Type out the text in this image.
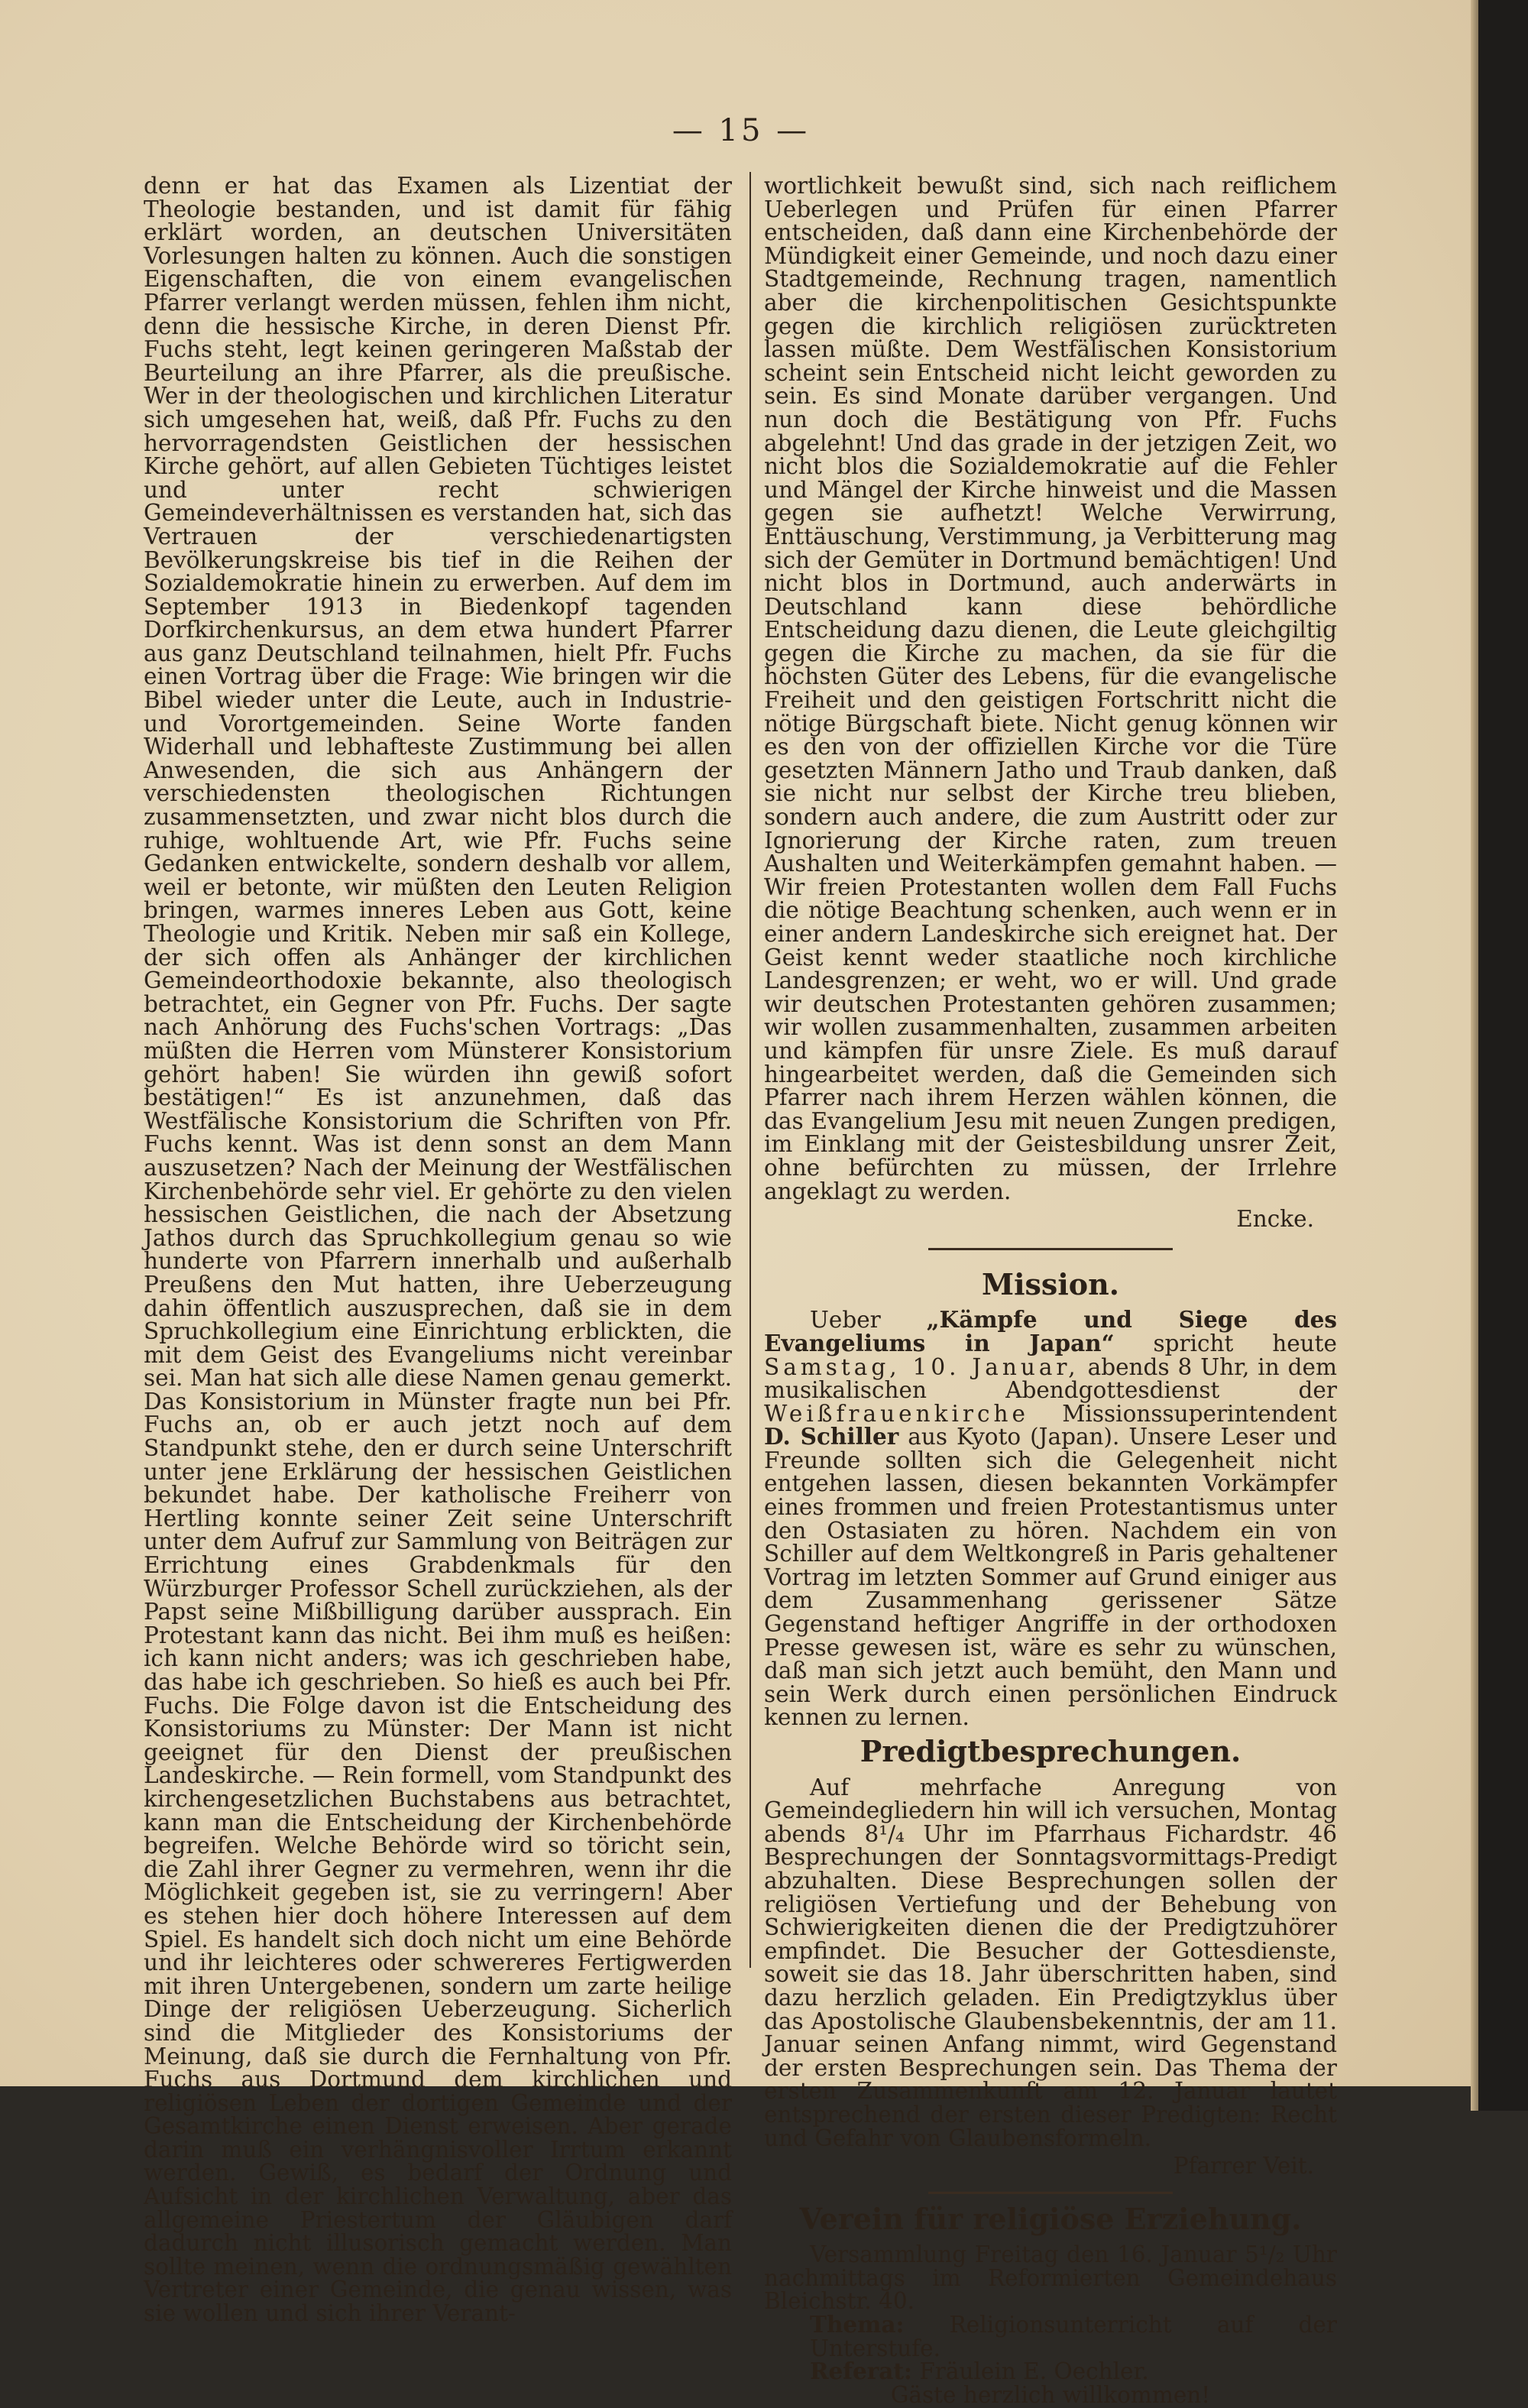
— 15 —

denn er hat das Examen als Lizentiat der Theologie bestanden, und ist damit für fähig erklärt worden, an deutschen Universitäten Vorlesungen halten zu können. Auch die sonstigen Eigenschaften, die von einem evangelischen Pfarrer verlangt werden müssen, fehlen ihm nicht, denn die hessische Kirche, in deren Dienst Pfr. Fuchs steht, legt keinen geringeren Maßstab der Beurteilung an ihre Pfarrer, als die preußische. Wer in der theologischen und kirchlichen Literatur sich umgesehen hat, weiß, daß Pfr. Fuchs zu den hervorragendsten Geistlichen der hessischen Kirche gehört, auf allen Gebieten Tüchtiges leistet und unter recht schwierigen Gemeindeverhältnissen es verstanden hat, sich das Vertrauen der verschiedenartigsten Bevölkerungskreise bis tief in die Reihen der Sozialdemokratie hinein zu erwerben. Auf dem im September 1913 in Biedenkopf tagenden Dorfkirchenkursus, an dem etwa hundert Pfarrer aus ganz Deutschland teilnahmen, hielt Pfr. Fuchs einen Vortrag über die Frage: Wie bringen wir die Bibel wieder unter die Leute, auch in Industrie- und Vorortgemeinden. Seine Worte fanden Widerhall und lebhafteste Zustimmung bei allen Anwesenden, die sich aus Anhängern der verschiedensten theologischen Richtungen zusammensetzten, und zwar nicht blos durch die ruhige, wohltuende Art, wie Pfr. Fuchs seine Gedanken entwickelte, sondern deshalb vor allem, weil er betonte, wir müßten den Leuten Religion bringen, warmes inneres Leben aus Gott, keine Theologie und Kritik. Neben mir saß ein Kollege, der sich offen als Anhänger der kirchlichen Gemeindeorthodoxie bekannte, also theologisch betrachtet, ein Gegner von Pfr. Fuchs. Der sagte nach Anhörung des Fuchs'schen Vortrags: „Das müßten die Herren vom Münsterer Konsistorium gehört haben! Sie würden ihn gewiß sofort bestätigen!“ Es ist anzunehmen, daß das Westfälische Konsistorium die Schriften von Pfr. Fuchs kennt. Was ist denn sonst an dem Mann auszusetzen? Nach der Meinung der Westfälischen Kirchenbehörde sehr viel. Er gehörte zu den vielen hessischen Geistlichen, die nach der Absetzung Jathos durch das Spruchkollegium genau so wie hunderte von Pfarrern innerhalb und außerhalb Preußens den Mut hatten, ihre Ueberzeugung dahin öffentlich auszusprechen, daß sie in dem Spruchkollegium eine Einrichtung erblickten, die mit dem Geist des Evangeliums nicht vereinbar sei. Man hat sich alle diese Namen genau gemerkt. Das Konsistorium in Münster fragte nun bei Pfr. Fuchs an, ob er auch jetzt noch auf dem Standpunkt stehe, den er durch seine Unterschrift unter jene Erklärung der hessischen Geistlichen bekundet habe. Der katholische Freiherr von Hertling konnte seiner Zeit seine Unterschrift unter dem Aufruf zur Sammlung von Beiträgen zur Errichtung eines Grabdenkmals für den Würzburger Professor Schell zurückziehen, als der Papst seine Mißbilligung darüber aussprach. Ein Protestant kann das nicht. Bei ihm muß es heißen: ich kann nicht anders; was ich geschrieben habe, das habe ich geschrieben. So hieß es auch bei Pfr. Fuchs. Die Folge davon ist die Entscheidung des Konsistoriums zu Münster: Der Mann ist nicht geeignet für den Dienst der preußischen Landeskirche. — Rein formell, vom Standpunkt des kirchengesetzlichen Buchstabens aus betrachtet, kann man die Entscheidung der Kirchenbehörde begreifen. Welche Behörde wird so töricht sein, die Zahl ihrer Gegner zu vermehren, wenn ihr die Möglichkeit gegeben ist, sie zu verringern! Aber es stehen hier doch höhere Interessen auf dem Spiel. Es handelt sich doch nicht um eine Behörde und ihr leichteres oder schwereres Fertigwerden mit ihren Untergebenen, sondern um zarte heilige Dinge der religiösen Ueberzeugung. Sicherlich sind die Mitglieder des Konsistoriums der Meinung, daß sie durch die Fernhaltung von Pfr. Fuchs aus Dortmund dem kirchlichen und religiösen Leben der dortigen Gemeinde und der Gesamtkirche einen Dienst erweisen. Aber gerade darin muß ein verhängnisvoller Irrtum erkannt werden. Gewiß, es bedarf der Ordnung und Aufsicht in der kirchlichen Verwaltung, aber das allgemeine Priestertum der Gläubigen darf dadurch nicht illusorisch gemacht werden. Man sollte meinen, wenn die ordnungsmäßig gewählten Vertreter einer Gemeinde, die genau wissen, was sie wollen und sich ihrer Verant-

wortlichkeit bewußt sind, sich nach reiflichem Ueberlegen und Prüfen für einen Pfarrer entscheiden, daß dann eine Kirchenbehörde der Mündigkeit einer Gemeinde, und noch dazu einer Stadtgemeinde, Rechnung tragen, namentlich aber die kirchenpolitischen Gesichtspunkte gegen die kirchlich religiösen zurücktreten lassen müßte. Dem Westfälischen Konsistorium scheint sein Entscheid nicht leicht geworden zu sein. Es sind Monate darüber vergangen. Und nun doch die Bestätigung von Pfr. Fuchs abgelehnt! Und das grade in der jetzigen Zeit, wo nicht blos die Sozialdemokratie auf die Fehler und Mängel der Kirche hinweist und die Massen gegen sie aufhetzt! Welche Verwirrung, Enttäuschung, Verstimmung, ja Verbitterung mag sich der Gemüter in Dortmund bemächtigen! Und nicht blos in Dortmund, auch anderwärts in Deutschland kann diese behördliche Entscheidung dazu dienen, die Leute gleichgiltig gegen die Kirche zu machen, da sie für die höchsten Güter des Lebens, für die evangelische Freiheit und den geistigen Fortschritt nicht die nötige Bürgschaft biete. Nicht genug können wir es den von der offiziellen Kirche vor die Türe gesetzten Männern Jatho und Traub danken, daß sie nicht nur selbst der Kirche treu blieben, sondern auch andere, die zum Austritt oder zur Ignorierung der Kirche raten, zum treuen Aushalten und Weiterkämpfen gemahnt haben. — Wir freien Protestanten wollen dem Fall Fuchs die nötige Beachtung schenken, auch wenn er in einer andern Landeskirche sich ereignet hat. Der Geist kennt weder staatliche noch kirchliche Landesgrenzen; er weht, wo er will. Und grade wir deutschen Protestanten gehören zusammen; wir wollen zusammenhalten, zusammen arbeiten und kämpfen für unsre Ziele. Es muß darauf hingearbeitet werden, daß die Gemeinden sich Pfarrer nach ihrem Herzen wählen können, die das Evangelium Jesu mit neuen Zungen predigen, im Einklang mit der Geistesbildung unsrer Zeit, ohne befürchten zu müssen, der Irrlehre angeklagt zu werden.

Encke.

Mission.

Ueber „Kämpfe und Siege des Evangeliums in Japan“ spricht heute Samstag, 10. Januar, abends 8 Uhr, in dem musikalischen Abendgottesdienst der Weißfrauenkirche Missionssuperintendent D. Schiller aus Kyoto (Japan). Unsere Leser und Freunde sollten sich die Gelegenheit nicht entgehen lassen, diesen bekannten Vorkämpfer eines frommen und freien Protestantismus unter den Ostasiaten zu hören. Nachdem ein von Schiller auf dem Weltkongreß in Paris gehaltener Vortrag im letzten Sommer auf Grund einiger aus dem Zusammenhang gerissener Sätze Gegenstand heftiger Angriffe in der orthodoxen Presse gewesen ist, wäre es sehr zu wünschen, daß man sich jetzt auch bemüht, den Mann und sein Werk durch einen persönlichen Eindruck kennen zu lernen.

Predigtbesprechungen.

Auf mehrfache Anregung von Gemeindegliedern hin will ich versuchen, Montag abends 8¹/₄ Uhr im Pfarrhaus Fichardstr. 46 Besprechungen der Sonntagsvormittags-Predigt abzuhalten. Diese Besprechungen sollen der religiösen Vertiefung und der Behebung von Schwierigkeiten dienen die der Predigtzuhörer empfindet. Die Besucher der Gottesdienste, soweit sie das 18. Jahr überschritten haben, sind dazu herzlich geladen. Ein Predigtzyklus über das Apostolische Glaubensbekenntnis, der am 11. Januar seinen Anfang nimmt, wird Gegenstand der ersten Besprechungen sein. Das Thema der ersten Zusammenkunft am 12. Januar lautet entsprechend der ersten dieser Predigten: Recht und Gefahr von Glaubensformeln.

Pfarrer Veit.

Verein für religiöse Erziehung.

Versammlung Freitag den 16. Januar 5¹/₂ Uhr nachmittags im Reformierten Gemeindehaus Bleichstr. 40.

Thema: Religionsunterricht auf der Unterstufe.

Referat: Fräulein E. Oechler.

Gäste herzlich willkommen!
